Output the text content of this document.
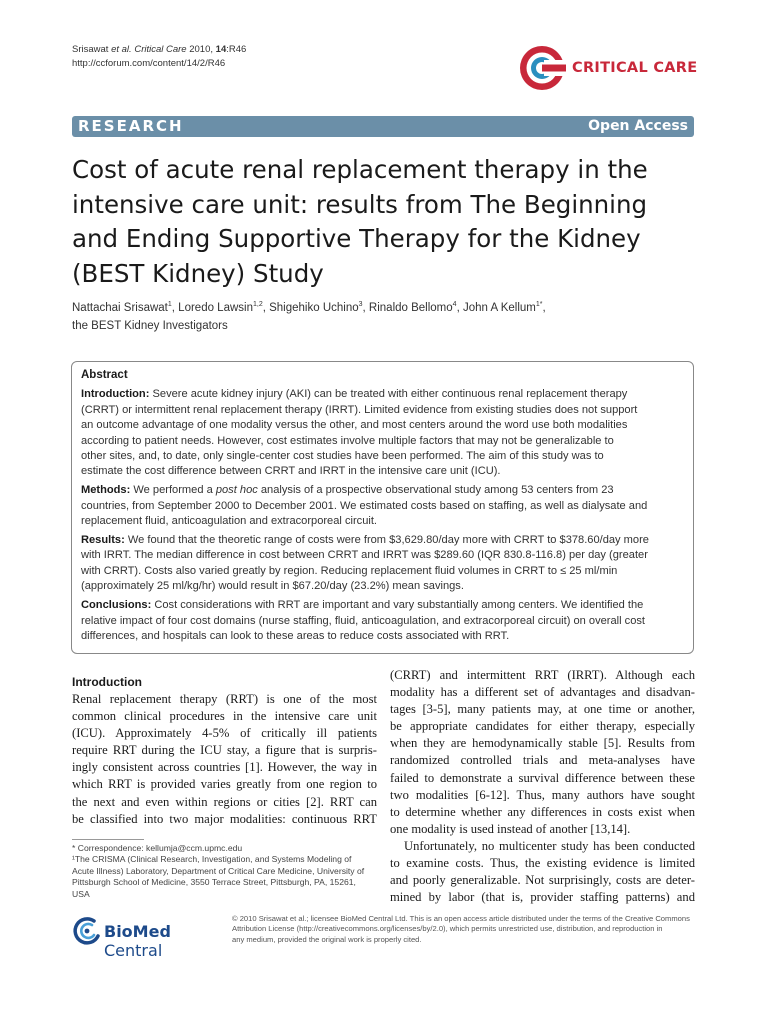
Srisawat et al. Critical Care 2010, 14:R46
http://ccforum.com/content/14/2/R46	CRITICAL CARE
RESEARCH	Open Access
Cost of acute renal replacement therapy in the
intensive care unit: results from The Beginning
and Ending Supportive Therapy for the Kidney
(BEST Kidney) Study
Nattachai Srisawat$^1$, Loredo Lawsin$^{1,2}$, Shigehiko Uchino$^3$, Rinaldo Bellomo$^4$, John A Kellum$^{1*}$,
the BEST Kidney Investigators
Abstract
Introduction: Severe acute kidney injury (AKI) can be treated with either continuous renal replacement therapy
(CRRT) or intermittent renal replacement therapy (IRRT). Limited evidence from existing studies does not support
an outcome advantage of one modality versus the other, and most centers around the word use both modalities
according to patient needs. However, cost estimates involve multiple factors that may not be generalizable to
other sites, and, to date, only single-center cost studies have been performed. The aim of this study was to
estimate the cost difference between CRRT and IRRT in the intensive care unit (ICU).
Methods: We performed a post hoc analysis of a prospective observational study among 53 centers from 23
countries, from September 2000 to December 2001. We estimated costs based on staffing, as well as dialysate and
replacement fluid, anticoagulation and extracorporeal circuit.
Results: We found that the theoretic range of costs were from $3,629.80/day more with CRRT to $378.60/day more
with IRRT. The median difference in cost between CRRT and IRRT was $289.60 (IQR 830.8-116.8) per day (greater
with CRRT). Costs also varied greatly by region. Reducing replacement fluid volumes in CRRT to ≤ 25 ml/min
(approximately 25 ml/kg/hr) would result in $67.20/day (23.2%) mean savings.
Conclusions: Cost considerations with RRT are important and vary substantially among centers. We identified the
relative impact of four cost domains (nurse staffing, fluid, anticoagulation, and extracorporeal circuit) on overall cost
differences, and hospitals can look to these areas to reduce costs associated with RRT.
Introduction
Renal replacement therapy (RRT) is one of the most
common clinical procedures in the intensive care unit
(ICU). Approximately 4-5% of critically ill patients
require RRT during the ICU stay, a figure that is surpris-
ingly consistent across countries [1]. However, the way in
which RRT is provided varies greatly from one region to
the next and even within regions or cities [2]. RRT can
be classified into two major modalities: continuous RRT
(CRRT) and intermittent RRT (IRRT). Although each
modality has a different set of advantages and disadvan-
tages [3-5], many patients may, at one time or another,
be appropriate candidates for either therapy, especially
when they are hemodynamically stable [5]. Results from
randomized controlled trials and meta-analyses have
failed to demonstrate a survival difference between these
two modalities [6-12]. Thus, many authors have sought
to determine whether any differences in costs exist when
one modality is used instead of another [13,14].
Unfortunately, no multicenter study has been conducted
to examine costs. Thus, the existing evidence is limited
and poorly generalizable. Not surprisingly, costs are deter-
mined by labor (that is, provider staffing patterns) and
* Correspondence: kellumja@ccm.upmc.edu
¹The CRISMA (Clinical Research, Investigation, and Systems Modeling of
Acute Illness) Laboratory, Department of Critical Care Medicine, University of
Pittsburgh School of Medicine, 3550 Terrace Street, Pittsburgh, PA, 15261,
USA
BioMed Central
© 2010 Srisawat et al.; licensee BioMed Central Ltd. This is an open access article distributed under the terms of the Creative Commons
Attribution License (http://creativecommons.org/licenses/by/2.0), which permits unrestricted use, distribution, and reproduction in
any medium, provided the original work is properly cited.
